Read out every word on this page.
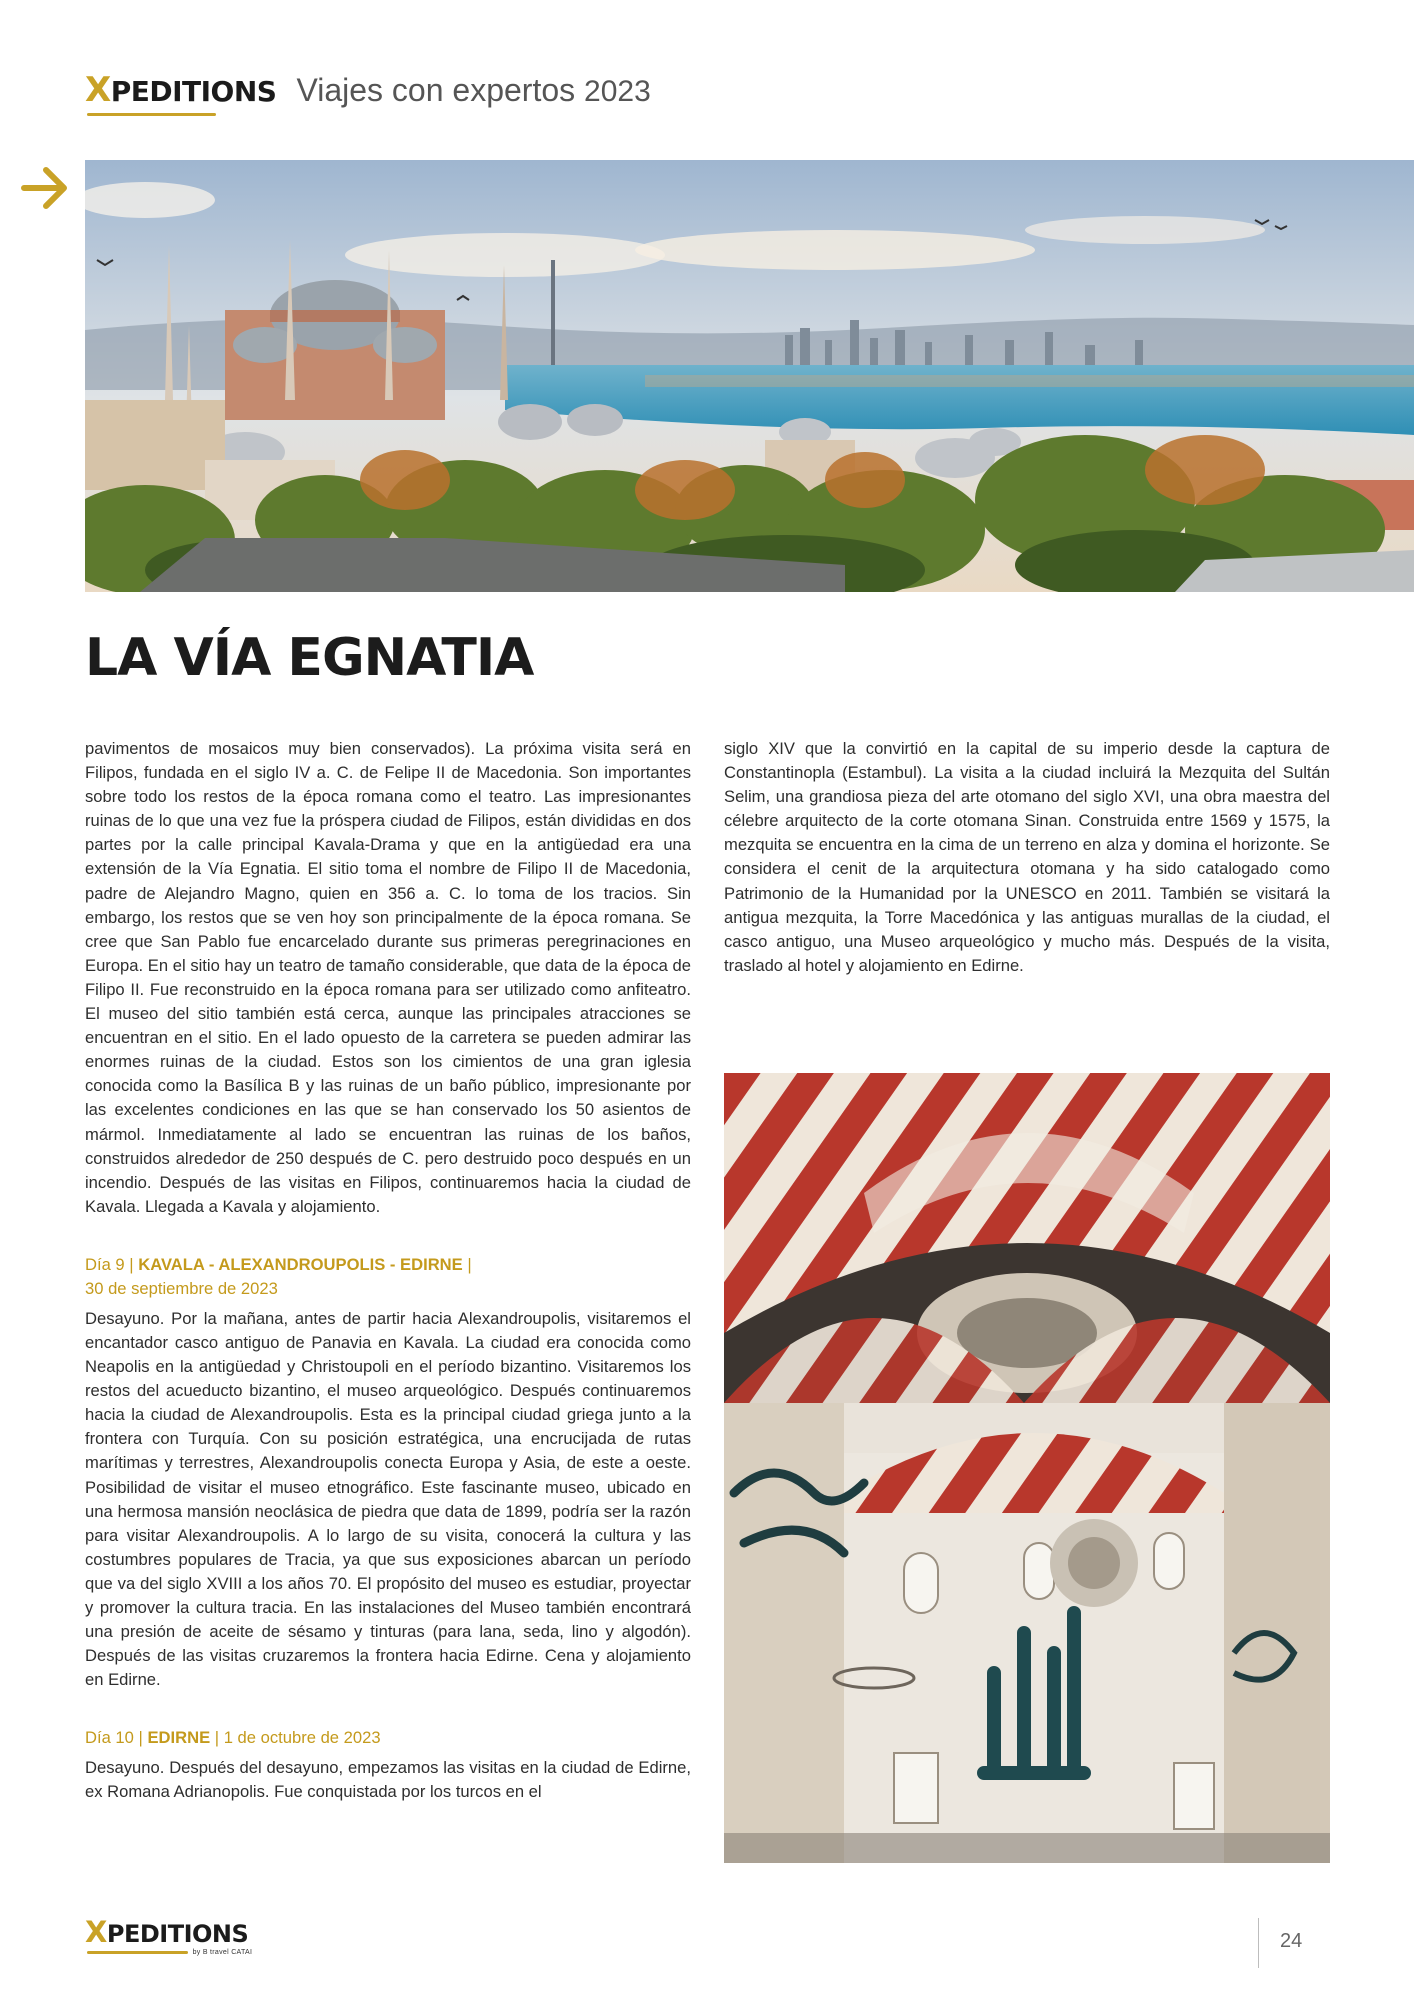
XPEDITIONS Viajes con expertos 2023
LA VÍA EGNATIA

pavimentos de mosaicos muy bien conservados). La próxima visita será en Filipos, fundada en el siglo IV a. C. de Felipe II de Macedonia. Son importantes sobre todo los restos de la época romana como el teatro. Las impresionantes ruinas de lo que una vez fue la próspera ciudad de Filipos, están divididas en dos partes por la calle principal Kavala-Drama y que en la antigüedad era una extensión de la Vía Egnatia. El sitio toma el nombre de Filipo II de Macedonia, padre de Alejandro Magno, quien en 356 a. C. lo toma de los tracios. Sin embargo, los restos que se ven hoy son principalmente de la época romana. Se cree que San Pablo fue encarcelado durante sus primeras peregrinaciones en Europa. En el sitio hay un teatro de tamaño considerable, que data de la época de Filipo II. Fue reconstruido en la época romana para ser utilizado como anfiteatro. El museo del sitio también está cerca, aunque las principales atracciones se encuentran en el sitio. En el lado opuesto de la carretera se pueden admirar las enormes ruinas de la ciudad. Estos son los cimientos de una gran iglesia conocida como la Basílica B y las ruinas de un baño público, impresionante por las excelentes condiciones en las que se han conservado los 50 asientos de mármol. Inmediatamente al lado se encuentran las ruinas de los baños, construidos alrededor de 250 después de C. pero destruido poco después en un incendio. Después de las visitas en Filipos, continuaremos hacia la ciudad de Kavala. Llegada a Kavala y alojamiento.

Día 9 | KAVALA - ALEXANDROUPOLIS - EDIRNE |
30 de septiembre de 2023

Desayuno. Por la mañana, antes de partir hacia Alexandroupolis, visitaremos el encantador casco antiguo de Panavia en Kavala. La ciudad era conocida como Neapolis en la antigüedad y Christoupoli en el período bizantino. Visitaremos los restos del acueducto bizantino, el museo arqueológico. Después continuaremos hacia la ciudad de Alexandroupolis. Esta es la principal ciudad griega junto a la frontera con Turquía. Con su posición estratégica, una encrucijada de rutas marítimas y terrestres, Alexandroupolis conecta Europa y Asia, de este a oeste. Posibilidad de visitar el museo etnográfico. Este fascinante museo, ubicado en una hermosa mansión neoclásica de piedra que data de 1899, podría ser la razón para visitar Alexandroupolis. A lo largo de su visita, conocerá la cultura y las costumbres populares de Tracia, ya que sus exposiciones abarcan un período que va del siglo XVIII a los años 70. El propósito del museo es estudiar, proyectar y promover la cultura tracia. En las instalaciones del Museo también encontrará una presión de aceite de sésamo y tinturas (para lana, seda, lino y algodón). Después de las visitas cruzaremos la frontera hacia Edirne. Cena y alojamiento en Edirne.

Día 10 | EDIRNE | 1 de octubre de 2023

Desayuno. Después del desayuno, empezamos las visitas en la ciudad de Edirne, ex Romana Adrianopolis. Fue conquistada por los turcos en el

siglo XIV que la convirtió en la capital de su imperio desde la captura de Constantinopla (Estambul). La visita a la ciudad incluirá la Mezquita del Sultán Selim, una grandiosa pieza del arte otomano del siglo XVI, una obra maestra del célebre arquitecto de la corte otomana Sinan. Construida entre 1569 y 1575, la mezquita se encuentra en la cima de un terreno en alza y domina el horizonte. Se considera el cenit de la arquitectura otomana y ha sido catalogado como Patrimonio de la Humanidad por la UNESCO en 2011. También se visitará la antigua mezquita, la Torre Macedónica y las antiguas murallas de la ciudad, el casco antiguo, una Museo arqueológico y mucho más. Después de la visita, traslado al hotel y alojamiento en Edirne.

XPEDITIONS
by B travel CATAI
24
